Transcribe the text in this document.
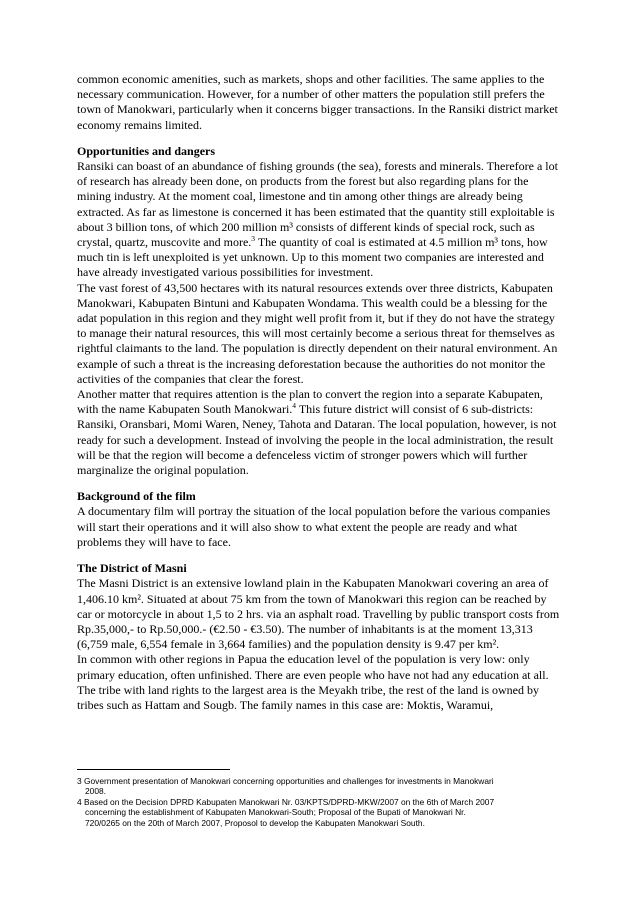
common economic amenities, such as markets, shops and other facilities. The same applies to the necessary communication. However, for a number of other matters the population still prefers the town of Manokwari, particularly when it concerns bigger transactions. In the Ransiki district market economy remains limited.

Opportunities and dangers

Ransiki can boast of an abundance of fishing grounds (the sea), forests and minerals. Therefore a lot of research has already been done, on products from the forest but also regarding plans for the mining industry. At the moment coal, limestone and tin among other things are already being extracted. As far as limestone is concerned it has been estimated that the quantity still exploitable is about 3 billion tons, of which 200 million m³ consists of different kinds of special rock, such as crystal, quartz, muscovite and more.$^3$ The quantity of coal is estimated at 4.5 million m³ tons, how much tin is left unexploited is yet unknown. Up to this moment two companies are interested and have already investigated various possibilities for investment.

The vast forest of 43,500 hectares with its natural resources extends over three districts, Kabupaten Manokwari, Kabupaten Bintuni and Kabupaten Wondama. This wealth could be a blessing for the adat population in this region and they might well profit from it, but if they do not have the strategy to manage their natural resources, this will most certainly become a serious threat for themselves as rightful claimants to the land. The population is directly dependent on their natural environment. An example of such a threat is the increasing deforestation because the authorities do not monitor the activities of the companies that clear the forest.

Another matter that requires attention is the plan to convert the region into a separate Kabupaten, with the name Kabupaten South Manokwari.$^4$ This future district will consist of 6 sub-districts: Ransiki, Oransbari, Momi Waren, Neney, Tahota and Dataran. The local population, however, is not ready for such a development. Instead of involving the people in the local administration, the result will be that the region will become a defenceless victim of stronger powers which will further marginalize the original population.

Background of the film

A documentary film will portray the situation of the local population before the various companies will start their operations and it will also show to what extent the people are ready and what problems they will have to face.

The District of Masni

The Masni District is an extensive lowland plain in the Kabupaten Manokwari covering an area of 1,406.10 km². Situated at about 75 km from the town of Manokwari this region can be reached by car or motorcycle in about 1,5 to 2 hrs. via an asphalt road. Travelling by public transport costs from Rp.35,000,- to Rp.50,000.- (€2.50 - €3.50). The number of inhabitants is at the moment 13,313 (6,759 male, 6,554 female in 3,664 families) and the population density is 9.47 per km².

In common with other regions in Papua the education level of the population is very low: only primary education, often unfinished. There are even people who have not had any education at all.

The tribe with land rights to the largest area is the Meyakh tribe, the rest of the land is owned by tribes such as Hattam and Sougb. The family names in this case are: Moktis, Waramui,

3 Government presentation of Manokwari concerning opportunities and challenges for investments in Manokwari
2008.

4 Based on the Decision DPRD Kabupaten Manokwari Nr. 03/KPTS/DPRD-MKW/2007 on the 6th of March 2007
concerning the establishment of Kabupaten Manokwari-South; Proposal of the Bupati of Manokwari Nr.
720/0265 on the 20th of March 2007, Proposol to develop the Kabupaten Manokwari South.
